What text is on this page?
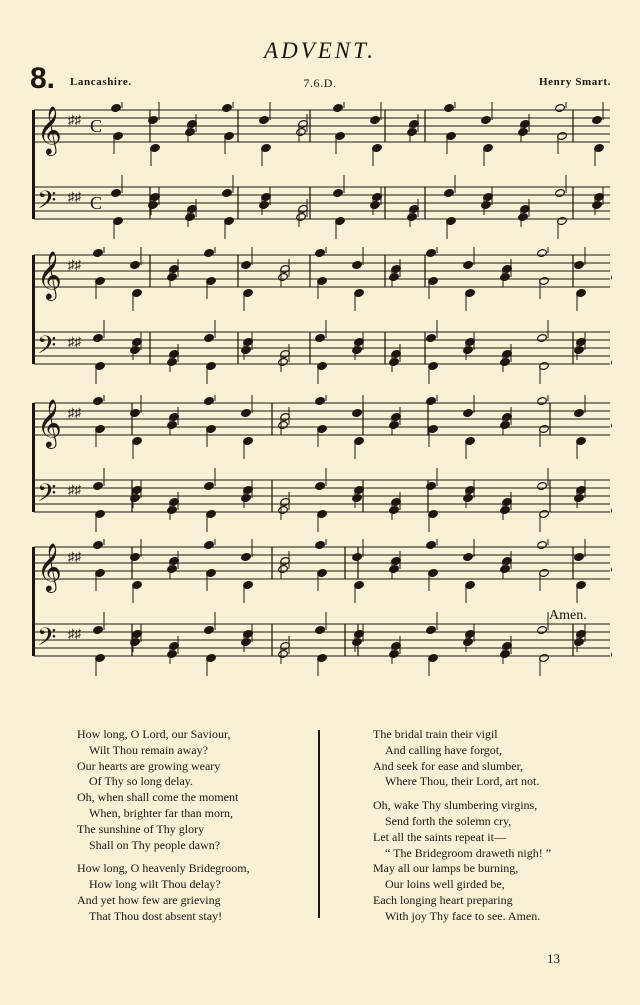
ADVENT.
8. Lancashire.	7.6.D.	Henry Smart.
𝄞 ♯♯ C
𝄢 ♯♯ C
𝄞 ♯♯
𝄢 ♯♯
𝄞 ♯♯
𝄢 ♯♯
𝄞 ♯♯
𝄢 ♯♯
Amen.
How long, O Lord, our Saviour,
Wilt Thou remain away?
Our hearts are growing weary
Of Thy so long delay.
Oh, when shall come the moment
When, brighter far than morn,
The sunshine of Thy glory
Shall on Thy people dawn?
How long, O heavenly Bridegroom,
How long wilt Thou delay?
And yet how few are grieving
That Thou dost absent stay!
The bridal train their vigil
And calling have forgot,
And seek for ease and slumber,
Where Thou, their Lord, art not.
Oh, wake Thy slumbering virgins,
Send forth the solemn cry,
Let all the saints repeat it—
“ The Bridegroom draweth nigh! ”
May all our lamps be burning,
Our loins well girded be,
Each longing heart preparing
With joy Thy face to see. Amen.
13
